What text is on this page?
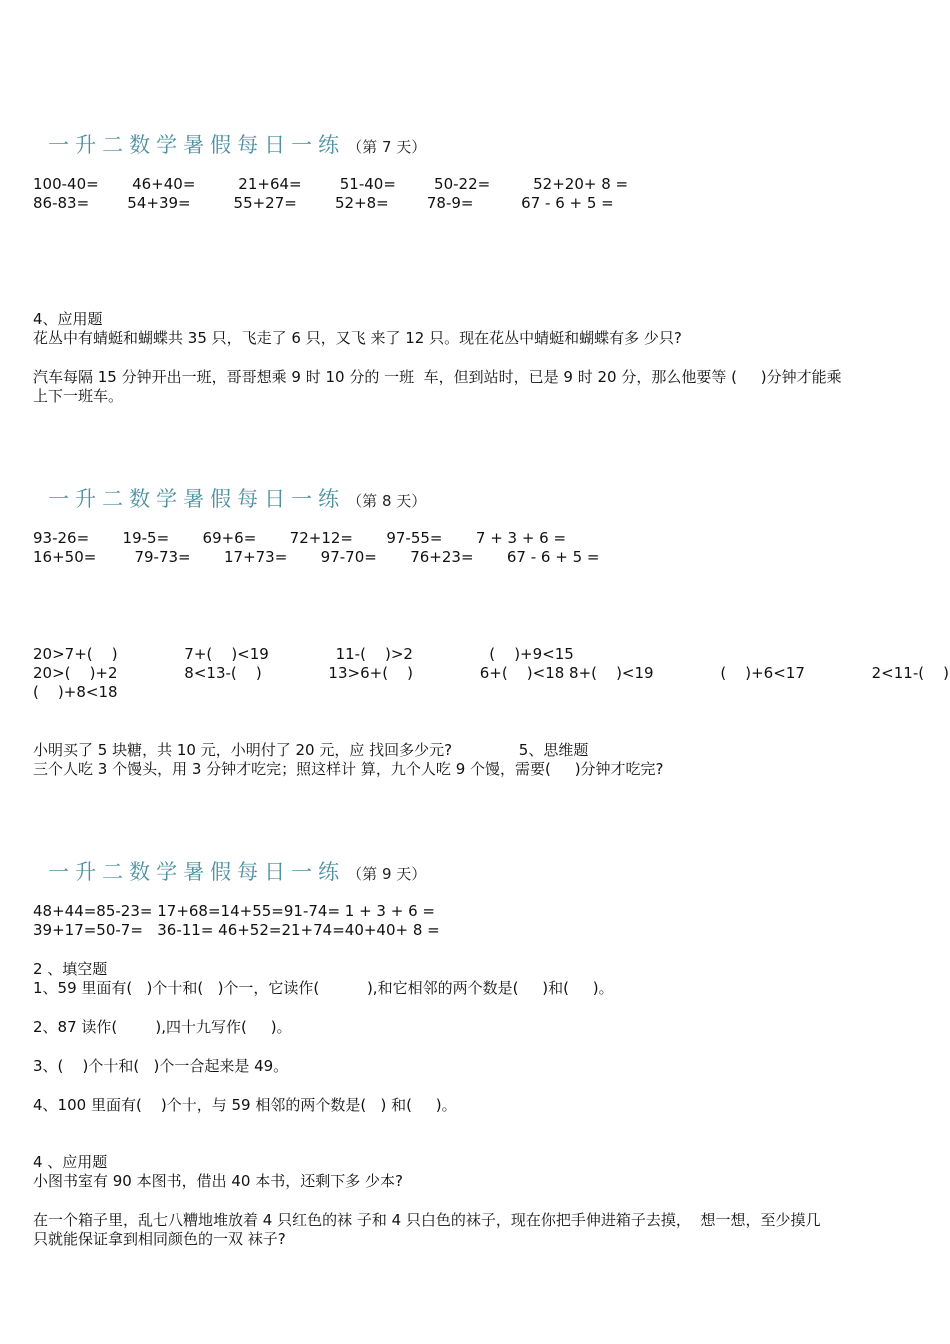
一升二数学暑假每日一练 （第 7 天）

100-40=       46+40=         21+64=        51-40=        50-22=         52+20+ 8 =

86-83=        54+39=         55+27=        52+8=        78-9=          67 - 6 + 5 =

4、应用题

花丛中有蜻蜓和蝴蝶共 35 只，飞走了 6 只，又飞 来了 12 只。现在花丛中蜻蜓和蝴蝶有多 少只?

汽车每隔 15 分钟开出一班，哥哥想乘 9 时 10 分的 一班  车，但到站时，已是 9 时 20 分，那么他要等 (     )分钟才能乘

上下一班车。

一升二数学暑假每日一练 （第 8 天）

93-26=       19-5=       69+6=       72+12=       97-55=       7 + 3 + 6 =

16+50=        79-73=       17+73=       97-70=       76+23=       67 - 6 + 5 =

20>7+(    )              7+(    )<19              11-(    )>2                (    )+9<15

20>(    )+2              8<13-(    )              13>6+(    )              6+(    )<18 8+(    )<19              (    )+6<17              2<11-(    )

(    )+8<18

小明买了 5 块糖，共 10 元，小明付了 20 元，应 找回多少元?              5、思维题

三个人吃 3 个馒头，用 3 分钟才吃完；照这样计 算，九个人吃 9 个馒，需要(     )分钟才吃完?

一升二数学暑假每日一练 （第 9 天）

48+44=85-23= 17+68=14+55=91-74= 1 + 3 + 6 =

39+17=50-7=   36-11= 46+52=21+74=40+40+ 8 =

2 、填空题

1、59 里面有(   )个十和(   )个一，它读作(          ),和它相邻的两个数是(     )和(     )。

2、87 读作(        ),四十九写作(     )。

3、(    )个十和(   )个一合起来是 49。

4、100 里面有(    )个十，与 59 相邻的两个数是(   ) 和(     )。

4 、应用题

小图书室有 90 本图书，借出 40 本书，还剩下多 少本?

在一个箱子里，乱七八糟地堆放着 4 只红色的袜 子和 4 只白色的袜子，现在你把手伸进箱子去摸，  想一想，至少摸几

只就能保证拿到相同颜色的一双 袜子?
